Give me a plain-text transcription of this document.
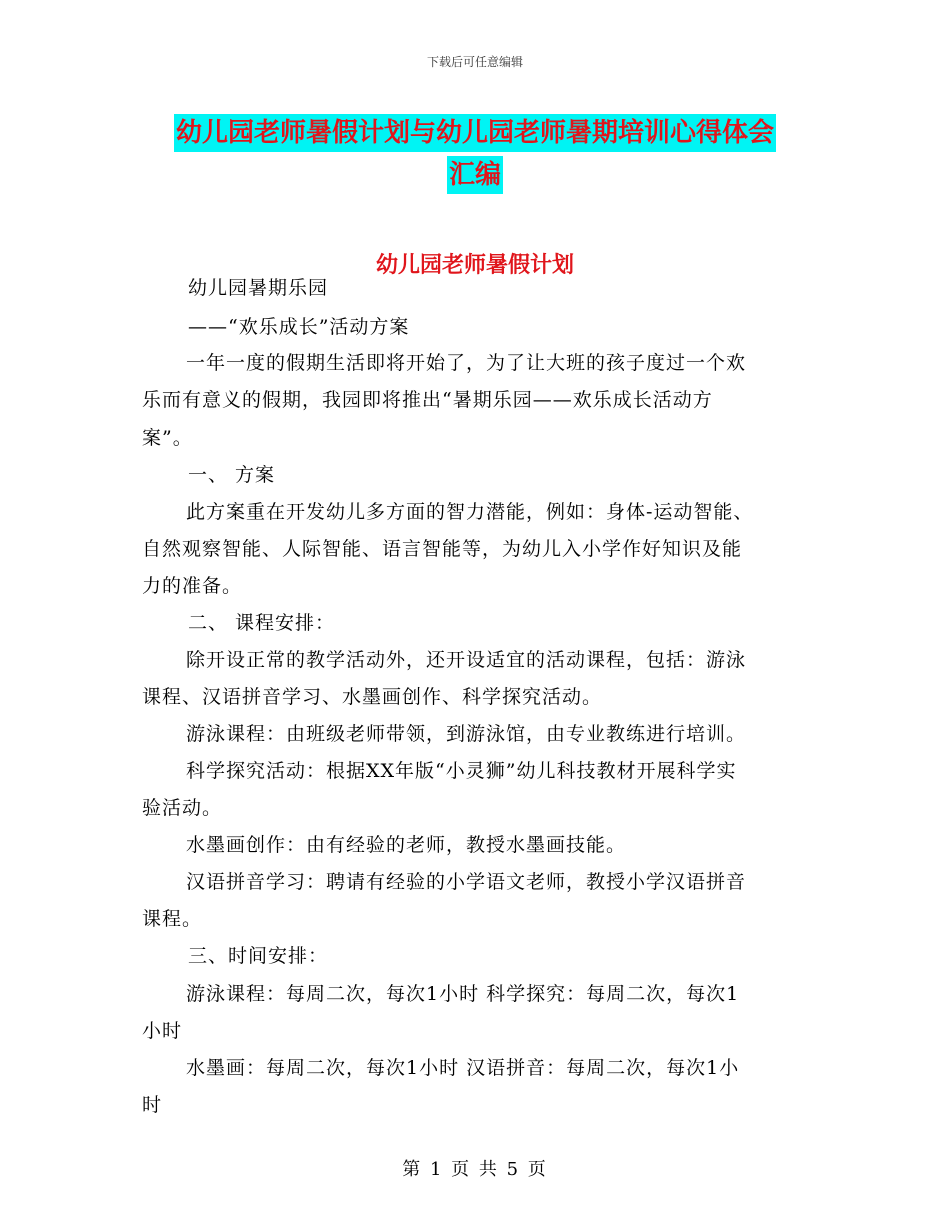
下载后可任意编辑
幼儿园老师暑假计划与幼儿园老师暑期培训心得体会
汇编
幼儿园老师暑假计划
幼儿园暑期乐园
——“欢乐成长”活动方案
一年一度的假期生活即将开始了，为了让大班的孩子度过一个欢
乐而有意义的假期，我园即将推出“暑期乐园——欢乐成长活动方
案”。
一、 方案
此方案重在开发幼儿多方面的智力潜能，例如：身体-运动智能、
自然观察智能、人际智能、语言智能等，为幼儿入小学作好知识及能
力的准备。
二、 课程安排：
除开设正常的教学活动外，还开设适宜的活动课程，包括：游泳
课程、汉语拼音学习、水墨画创作、科学探究活动。
游泳课程：由班级老师带领，到游泳馆，由专业教练进行培训。
科学探究活动：根据XX年版“小灵狮”幼儿科技教材开展科学实
验活动。
水墨画创作：由有经验的老师，教授水墨画技能。
汉语拼音学习：聘请有经验的小学语文老师，教授小学汉语拼音
课程。
三、时间安排：
游泳课程：每周二次，每次1小时 科学探究：每周二次，每次1
小时
水墨画：每周二次，每次1小时 汉语拼音：每周二次，每次1小
时
第 1 页 共 5 页
